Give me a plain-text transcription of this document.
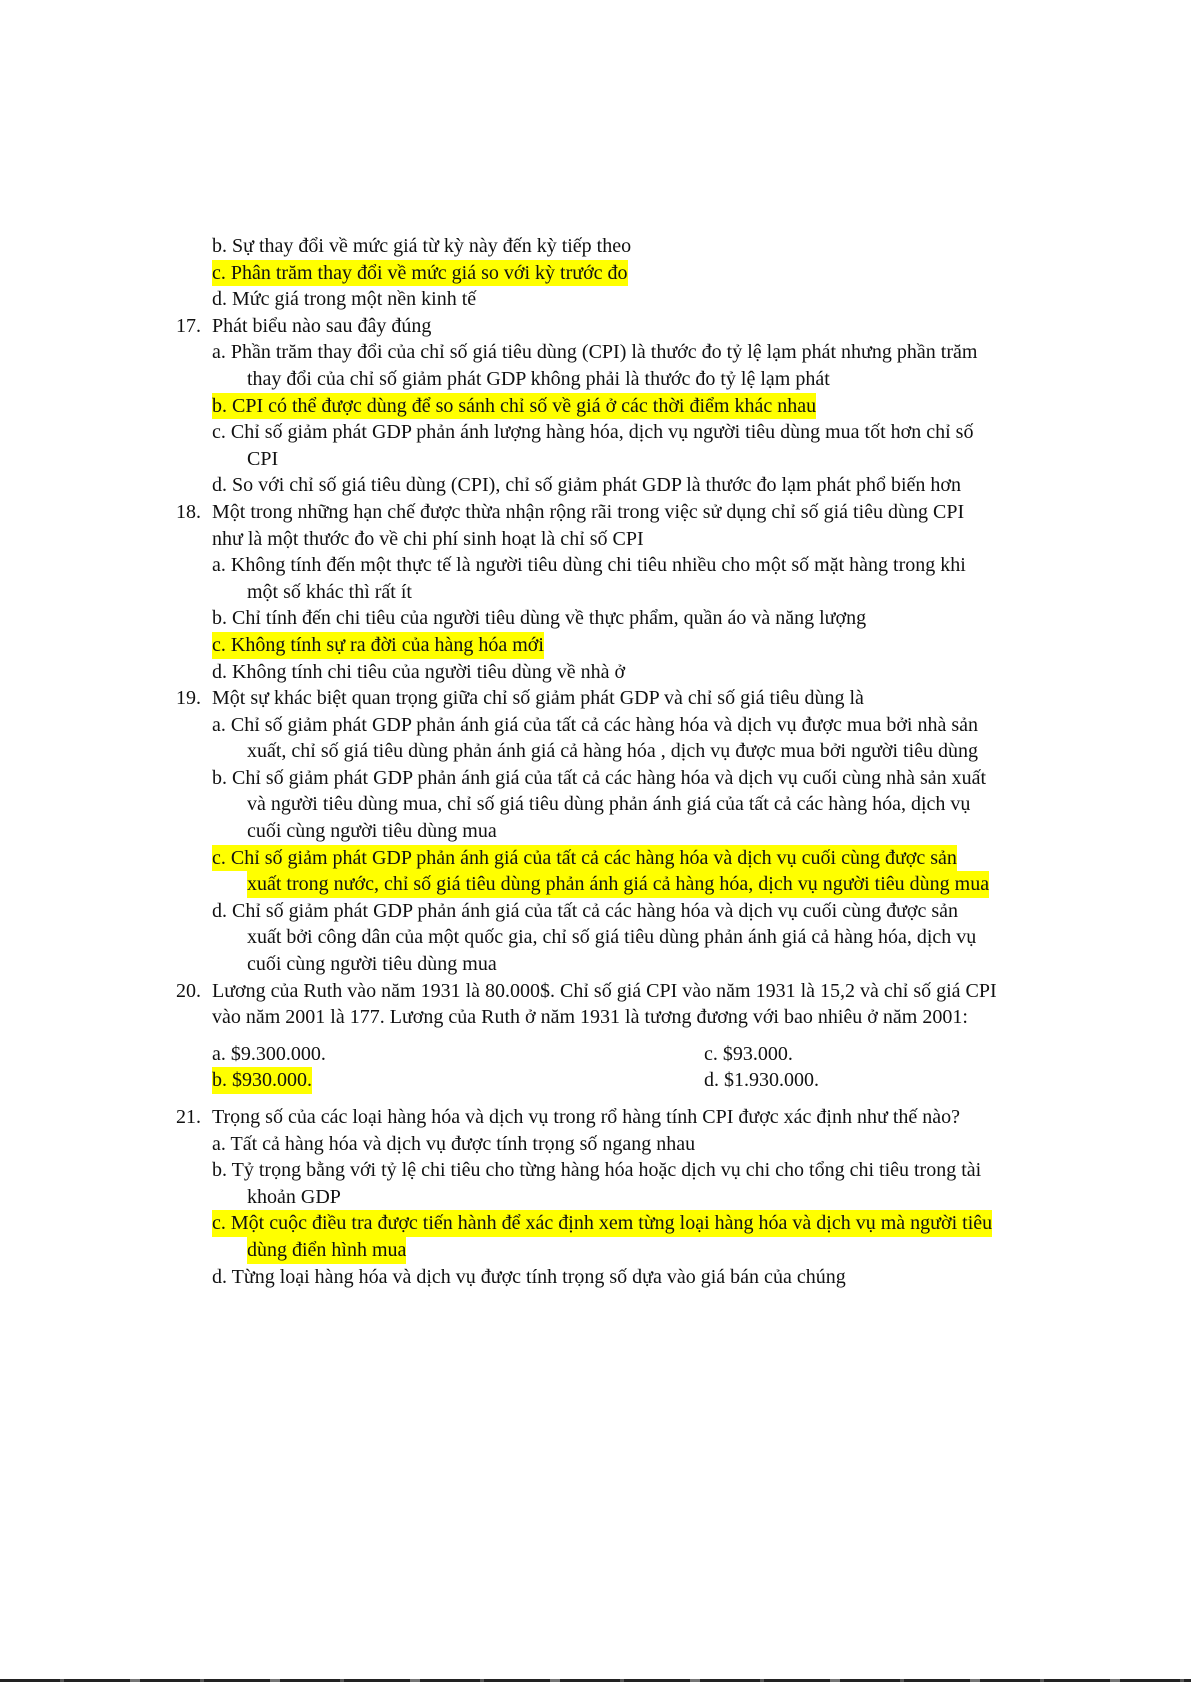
b. Sự thay đổi về mức giá từ kỳ này đến kỳ tiếp theo
c. Phân trăm thay đổi về mức giá so với kỳ trước đo
d. Mức giá trong một nền kinh tế
17. Phát biểu nào sau đây đúng
a. Phần trăm thay đổi của chỉ số giá tiêu dùng (CPI) là thước đo tỷ lệ lạm phát nhưng phần trăm
thay đổi của chỉ số giảm phát GDP không phải là thước đo tỷ lệ lạm phát
b. CPI có thể được dùng để so sánh chỉ số về giá ở các thời điểm khác nhau
c. Chỉ số giảm phát GDP phản ánh lượng hàng hóa, dịch vụ người tiêu dùng mua tốt hơn chỉ số
CPI
d. So với chỉ số giá tiêu dùng (CPI), chỉ số giảm phát GDP là thước đo lạm phát phổ biến hơn
18. Một trong những hạn chế được thừa nhận rộng rãi trong việc sử dụng chỉ số giá tiêu dùng CPI
như là một thước đo về chi phí sinh hoạt là chỉ số CPI
a. Không tính đến một thực tế là người tiêu dùng chi tiêu nhiều cho một số mặt hàng trong khi
một số khác thì rất ít
b. Chỉ tính đến chi tiêu của người tiêu dùng về thực phẩm, quần áo và năng lượng
c. Không tính sự ra đời của hàng hóa mới
d. Không tính chi tiêu của người tiêu dùng về nhà ở
19. Một sự khác biệt quan trọng giữa chỉ số giảm phát GDP và chỉ số giá tiêu dùng là
a. Chỉ số giảm phát GDP phản ánh giá của tất cả các hàng hóa và dịch vụ được mua bởi nhà sản
xuất, chỉ số giá tiêu dùng phản ánh giá cả hàng hóa , dịch vụ được mua bởi người tiêu dùng
b. Chỉ số giảm phát GDP phản ánh giá của tất cả các hàng hóa và dịch vụ cuối cùng nhà sản xuất
và người tiêu dùng mua, chỉ số giá tiêu dùng phản ánh giá của tất cả các hàng hóa, dịch vụ
cuối cùng người tiêu dùng mua
c. Chỉ số giảm phát GDP phản ánh giá của tất cả các hàng hóa và dịch vụ cuối cùng được sản
xuất trong nước, chỉ số giá tiêu dùng phản ánh giá cả hàng hóa, dịch vụ người tiêu dùng mua
d. Chỉ số giảm phát GDP phản ánh giá của tất cả các hàng hóa và dịch vụ cuối cùng được sản
xuất bởi công dân của một quốc gia, chỉ số giá tiêu dùng phản ánh giá cả hàng hóa, dịch vụ
cuối cùng người tiêu dùng mua
20. Lương của Ruth vào năm 1931 là 80.000$. Chỉ số giá CPI vào năm 1931 là 15,2 và chỉ số giá CPI
vào năm 2001 là 177. Lương của Ruth ở năm 1931 là tương đương với bao nhiêu ở năm 2001:
a. $9.300.000.	c. $93.000.
b. $930.000.	d. $1.930.000.
21. Trọng số của các loại hàng hóa và dịch vụ trong rổ hàng tính CPI được xác định như thế nào?
a. Tất cả hàng hóa và dịch vụ được tính trọng số ngang nhau
b. Tỷ trọng bằng với tỷ lệ chi tiêu cho từng hàng hóa hoặc dịch vụ chi cho tổng chi tiêu trong tài
khoản GDP
c. Một cuộc điều tra được tiến hành để xác định xem từng loại hàng hóa và dịch vụ mà người tiêu
dùng điển hình mua
d. Từng loại hàng hóa và dịch vụ được tính trọng số dựa vào giá bán của chúng
